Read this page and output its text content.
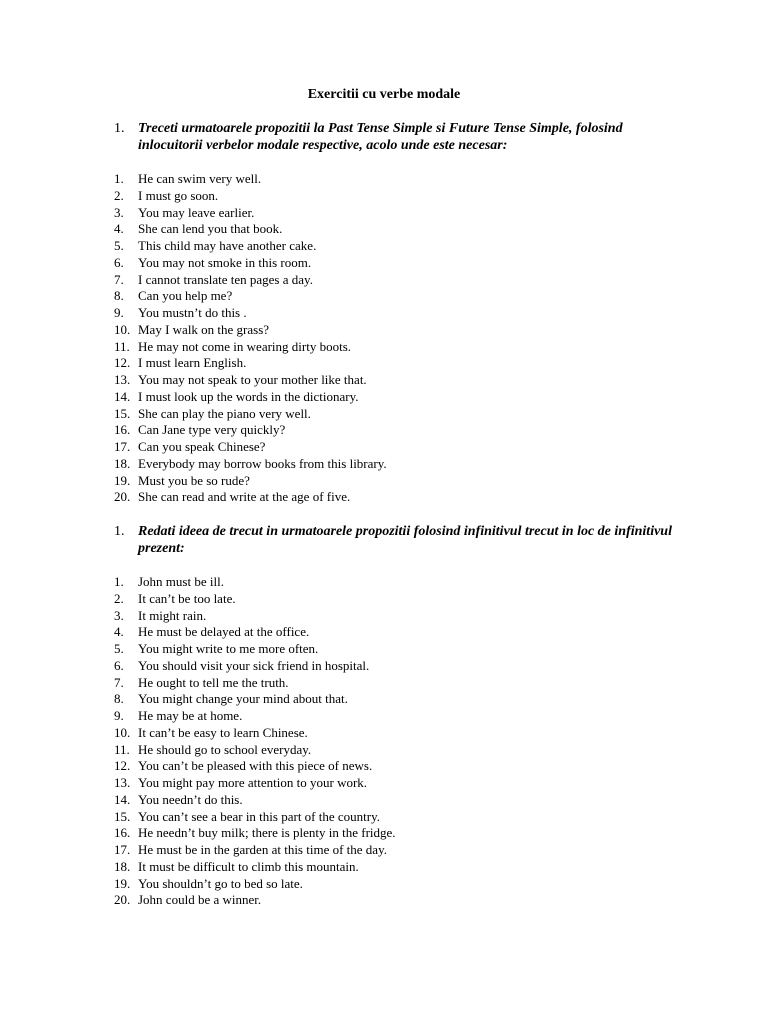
Exercitii cu verbe modale
1. Treceti urmatoarele propozitii la Past Tense Simple si Future Tense Simple, folosind inlocuitorii verbelor modale respective, acolo unde este necesar:
1.	He can swim very well.
2.	I must go soon.
3.	You may leave earlier.
4.	She can lend you that book.
5.	This child may have another cake.
6.	You may not smoke in this room.
7.	I cannot translate ten pages a day.
8.	Can you help me?
9.	You mustn’t do this .
10. May I walk on the grass?
11. He may not come in wearing dirty boots.
12. I must learn English.
13. You may not speak to your mother like that.
14. I must look up the words in the dictionary.
15. She can play the piano very well.
16. Can Jane type very quickly?
17. Can you speak Chinese?
18. Everybody may borrow books from this library.
19. Must you be so rude?
20. She can read and write at the age of five.
1. Redati ideea de trecut in urmatoarele propozitii folosind infinitivul trecut in loc de infinitivul prezent:
1.	John must be ill.
2.	It can’t be too late.
3.	It might rain.
4.	He must be delayed at the office.
5.	You might write to me more often.
6.	You should visit your sick friend in hospital.
7.	He ought to tell me the truth.
8.	You might change your mind about that.
9.	He may be at home.
10. It can’t be easy to learn Chinese.
11. He should go to school everyday.
12. You can’t be pleased with this piece of news.
13. You might pay more attention to your work.
14. You needn’t do this.
15. You can’t see a bear in this part of the country.
16. He needn’t buy milk; there is plenty in the fridge.
17. He must be in the garden at this time of the day.
18. It must be difficult to climb this mountain.
19. You shouldn’t go to bed so late.
20. John could be a winner.
